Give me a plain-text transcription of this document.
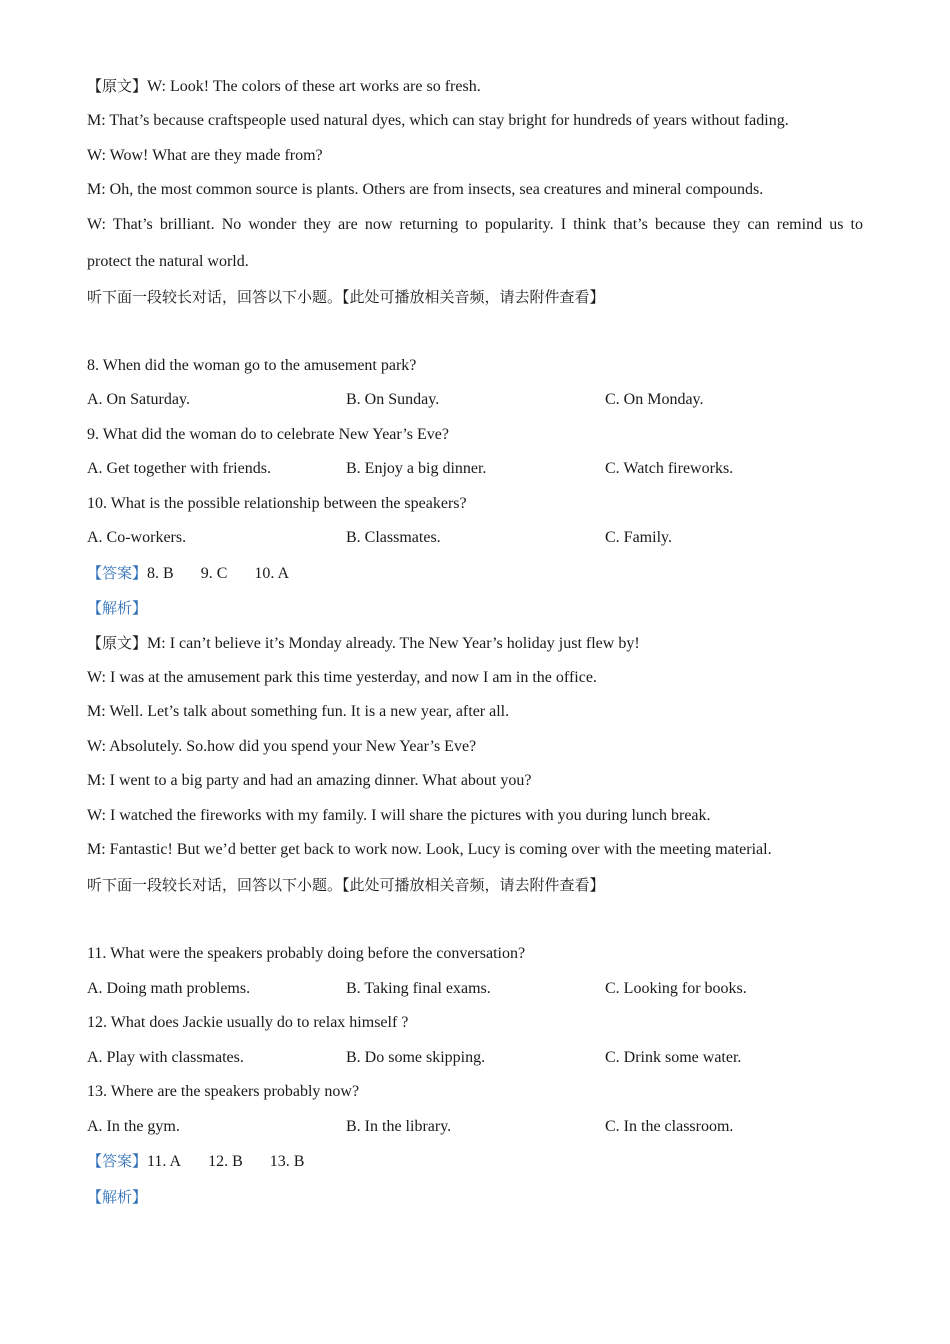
【原文】W: Look! The colors of these art works are so fresh.
M: That’s because craftspeople used natural dyes, which can stay bright for hundreds of years without fading.
W: Wow! What are they made from?
M: Oh, the most common source is plants. Others are from insects, sea creatures and mineral compounds.
W: That’s brilliant. No wonder they are now returning to popularity. I think that’s because they can remind us to
protect the natural world.
听下面一段较长对话，回答以下小题。【此处可播放相关音频，请去附件查看】
8. When did the woman go to the amusement park?
A. On Saturday.	B. On Sunday.	C. On Monday.
9. What did the woman do to celebrate New Year’s Eve?
A. Get together with friends.	B. Enjoy a big dinner.	C. Watch fireworks.
10. What is the possible relationship between the speakers?
A. Co-workers.	B. Classmates.	C. Family.
【答案】8. B 9. C 10. A
【解析】
【原文】M: I can’t believe it’s Monday already. The New Year’s holiday just flew by!
W: I was at the amusement park this time yesterday, and now I am in the office.
M: Well. Let’s talk about something fun. It is a new year, after all.
W: Absolutely. So.how did you spend your New Year’s Eve?
M: I went to a big party and had an amazing dinner. What about you?
W: I watched the fireworks with my family. I will share the pictures with you during lunch break.
M: Fantastic! But we’d better get back to work now. Look, Lucy is coming over with the meeting material.
听下面一段较长对话，回答以下小题。【此处可播放相关音频，请去附件查看】
11. What were the speakers probably doing before the conversation?
A. Doing math problems.	B. Taking final exams.	C. Looking for books.
12. What does Jackie usually do to relax himself ?
A. Play with classmates.	B. Do some skipping.	C. Drink some water.
13. Where are the speakers probably now?
A. In the gym.	B. In the library.	C. In the classroom.
【答案】11. A 12. B 13. B
【解析】
